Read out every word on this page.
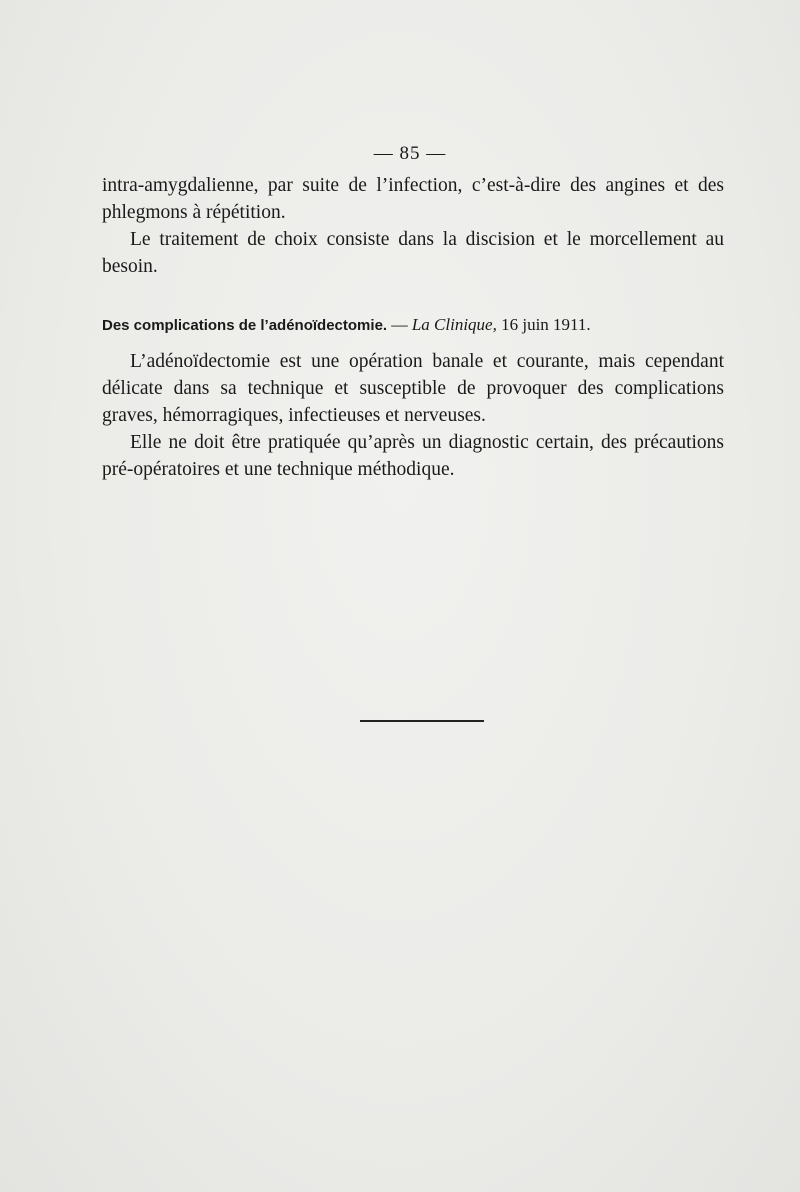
— 85 —

intra-amygdalienne, par suite de l’infection, c’est-à-dire des angines et des phlegmons à répétition.

Le traitement de choix consiste dans la discision et le morcellement au besoin.

Des complications de l’adénoïdectomie. — La Clinique, 16 juin 1911.

L’adénoïdectomie est une opération banale et courante, mais cependant délicate dans sa technique et susceptible de provoquer des complications graves, hémorragiques, infectieuses et nerveuses.

Elle ne doit être pratiquée qu’après un diagnostic certain, des précautions pré-opératoires et une technique méthodique.
